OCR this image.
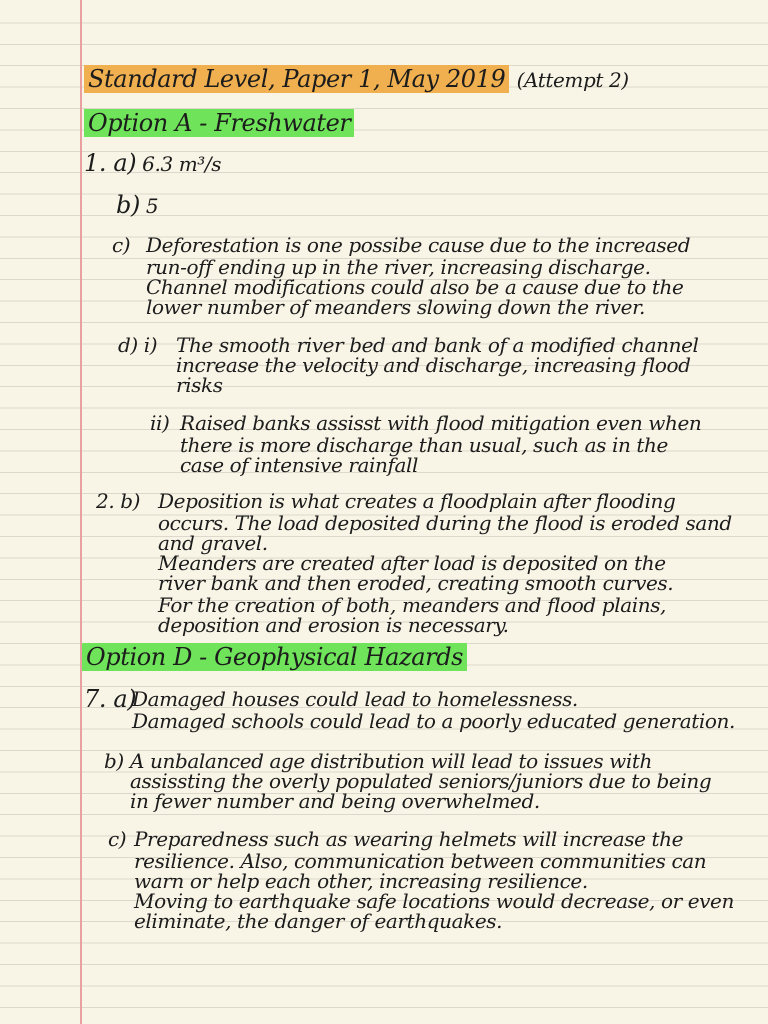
Standard Level, Paper 1, May 2019 (Attempt 2)
Option A - Freshwater
1. a) 6.3 m³/s
b) 5
c) Deforestation is one possibe cause due to the increased
run-off ending up in the river, increasing discharge.
Channel modifications could also be a cause due to the
lower number of meanders slowing down the river.
d) i) The smooth river bed and bank of a modified channel
increase the velocity and discharge, increasing flood
risks
ii) Raised banks assisst with flood mitigation even when
there is more discharge than usual, such as in the
case of intensive rainfall
2. b) Deposition is what creates a floodplain after flooding
occurs. The load deposited during the flood is eroded sand
and gravel.
Meanders are created after load is deposited on the
river bank and then eroded, creating smooth curves.
For the creation of both, meanders and flood plains,
deposition and erosion is necessary.
Option D - Geophysical Hazards
7. a)
Damaged houses could lead to homelessness.
Damaged schools could lead to a poorly educated generation.
b) A unbalanced age distribution will lead to issues with
assissting the overly populated seniors/juniors due to being
in fewer number and being overwhelmed.
c) Preparedness such as wearing helmets will increase the
resilience. Also, communication between communities can
warn or help each other, increasing resilience.
Moving to earthquake safe locations would decrease, or even
eliminate, the danger of earthquakes.
